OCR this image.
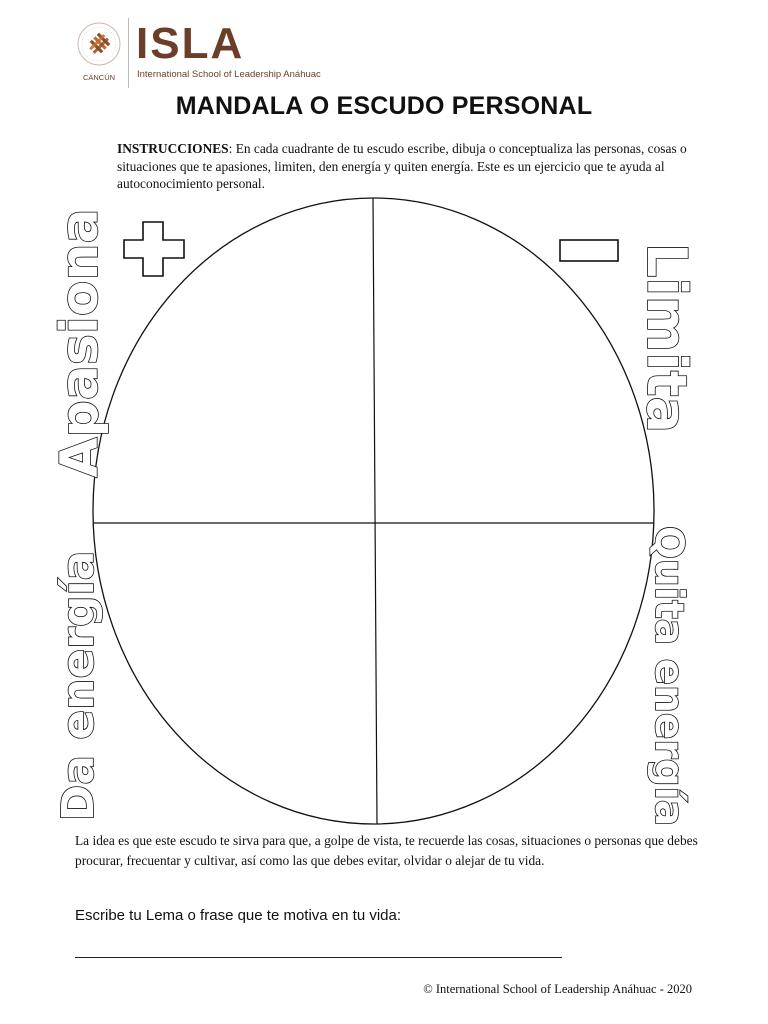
CANCÚN
ISLA
International School of Leadership Anáhuac
MANDALA O ESCUDO PERSONAL
INSTRUCCIONES: En cada cuadrante de tu escudo escribe, dibuja o conceptualiza las personas, cosas o situaciones que te apasiones, limiten, den energía y quiten energía. Este es un ejercicio que te ayuda al autoconocimiento personal.
Apasiona	Limita
Da energía	Quita energía
La idea es que este escudo te sirva para que, a golpe de vista, te recuerde las cosas, situaciones o personas que debes procurar, frecuentar y cultivar, así como las que debes evitar, olvidar o alejar de tu vida.
Escribe tu Lema o frase que te motiva en tu vida:
© International School of Leadership Anáhuac - 2020
